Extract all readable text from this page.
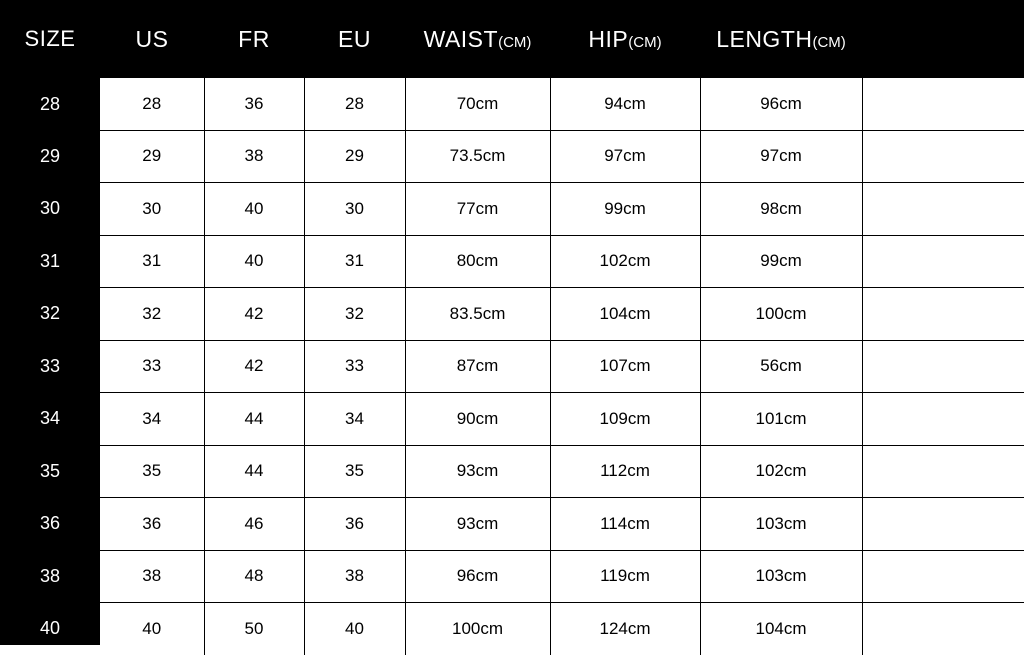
SIZE	US	FR	EU	WAIST(CM)	HIP(CM)	LENGTH(CM)	
28	28	36	28	70cm	94cm	96cm	
29	29	38	29	73.5cm	97cm	97cm	
30	30	40	30	77cm	99cm	98cm	
31	31	40	31	80cm	102cm	99cm	
32	32	42	32	83.5cm	104cm	100cm	
33	33	42	33	87cm	107cm	56cm	
34	34	44	34	90cm	109cm	101cm	
35	35	44	35	93cm	112cm	102cm	
36	36	46	36	93cm	114cm	103cm	
38	38	48	38	96cm	119cm	103cm	
40	40	50	40	100cm	124cm	104cm	
